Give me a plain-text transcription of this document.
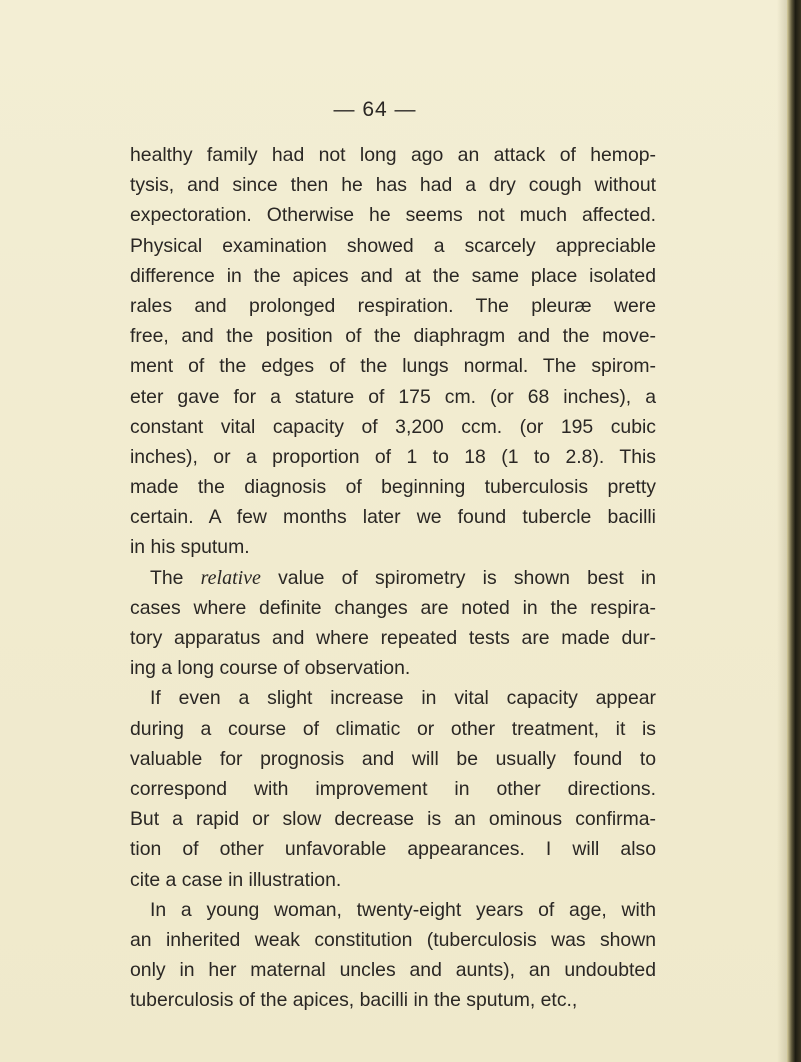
— 64 —
healthy family had not long ago an attack of hemop-
tysis, and since then he has had a dry cough without
expectoration. Otherwise he seems not much affected.
Physical examination showed a scarcely appreciable
difference in the apices and at the same place isolated
rales and prolonged respiration. The pleuræ were
free, and the position of the diaphragm and the move-
ment of the edges of the lungs normal. The spirom-
eter gave for a stature of 175 cm. (or 68 inches), a
constant vital capacity of 3,200 ccm. (or 195 cubic
inches), or a proportion of 1 to 18 (1 to 2.8). This
made the diagnosis of beginning tuberculosis pretty
certain. A few months later we found tubercle bacilli
in his sputum.
The relative value of spirometry is shown best in
cases where definite changes are noted in the respira-
tory apparatus and where repeated tests are made dur-
ing a long course of observation.
If even a slight increase in vital capacity appear
during a course of climatic or other treatment, it is
valuable for prognosis and will be usually found to
correspond with improvement in other directions.
But a rapid or slow decrease is an ominous confirma-
tion of other unfavorable appearances. I will also
cite a case in illustration.
In a young woman, twenty-eight years of age, with
an inherited weak constitution (tuberculosis was shown
only in her maternal uncles and aunts), an undoubted
tuberculosis of the apices, bacilli in the sputum, etc.,
